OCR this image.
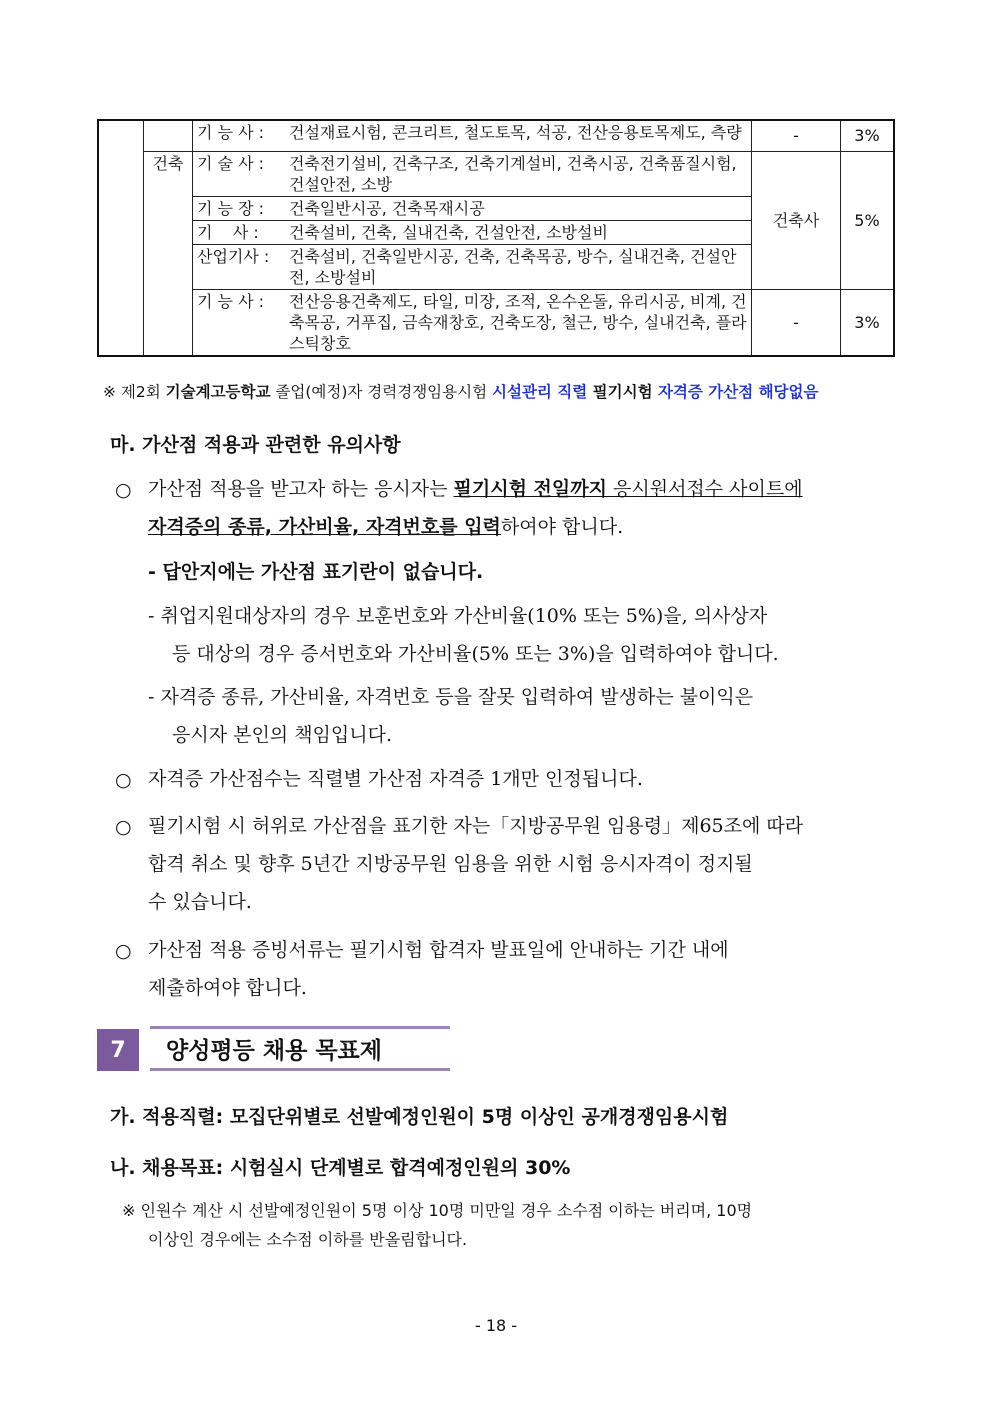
		기 능 사 :	건설재료시험, 콘크리트, 철도토목, 석공, 전산응용토목제도, 측량	-	3%
	건축	기 술 사 :	건축전기설비, 건축구조, 건축기계설비, 건축시공, 건축품질시험, 건설안전, 소방	건축사	5%
		기 능 장 :	건축일반시공, 건축목재시공		
		기    사 :	건축설비, 건축, 실내건축, 건설안전, 소방설비		
		산업기사 :	건축설비, 건축일반시공, 건축, 건축목공, 방수, 실내건축, 건설안전, 소방설비		
		기 능 사 :	전산응용건축제도, 타일, 미장, 조적, 온수온돌, 유리시공, 비계, 건축목공, 거푸집, 금속재창호, 건축도장, 철근, 방수, 실내건축, 플라스틱창호	-	3%
※ 제2회 기술계고등학교 졸업(예정)자 경력경쟁임용시험 시설관리 직렬 필기시험 자격증 가산점 해당없음
마. 가산점 적용과 관련한 유의사항
○ 가산점 적용을 받고자 하는 응시자는 필기시험 전일까지 응시원서접수 사이트에
자격증의 종류, 가산비율, 자격번호를 입력하여야 합니다.
- 답안지에는 가산점 표기란이 없습니다.
- 취업지원대상자의 경우 보훈번호와 가산비율(10% 또는 5%)을, 의사상자
등 대상의 경우 증서번호와 가산비율(5% 또는 3%)을 입력하여야 합니다.
- 자격증 종류, 가산비율, 자격번호 등을 잘못 입력하여 발생하는 불이익은
응시자 본인의 책임입니다.
○ 자격증 가산점수는 직렬별 가산점 자격증 1개만 인정됩니다.
○ 필기시험 시 허위로 가산점을 표기한 자는「지방공무원 임용령」제65조에 따라
합격 취소 및 향후 5년간 지방공무원 임용을 위한 시험 응시자격이 정지될
수 있습니다.
○ 가산점 적용 증빙서류는 필기시험 합격자 발표일에 안내하는 기간 내에
제출하여야 합니다.
7	양성평등 채용 목표제
가. 적용직렬: 모집단위별로 선발예정인원이 5명 이상인 공개경쟁임용시험
나. 채용목표: 시험실시 단계별로 합격예정인원의 30%
※ 인원수 계산 시 선발예정인원이 5명 이상 10명 미만일 경우 소수점 이하는 버리며, 10명
이상인 경우에는 소수점 이하를 반올림합니다.
- 18 -
